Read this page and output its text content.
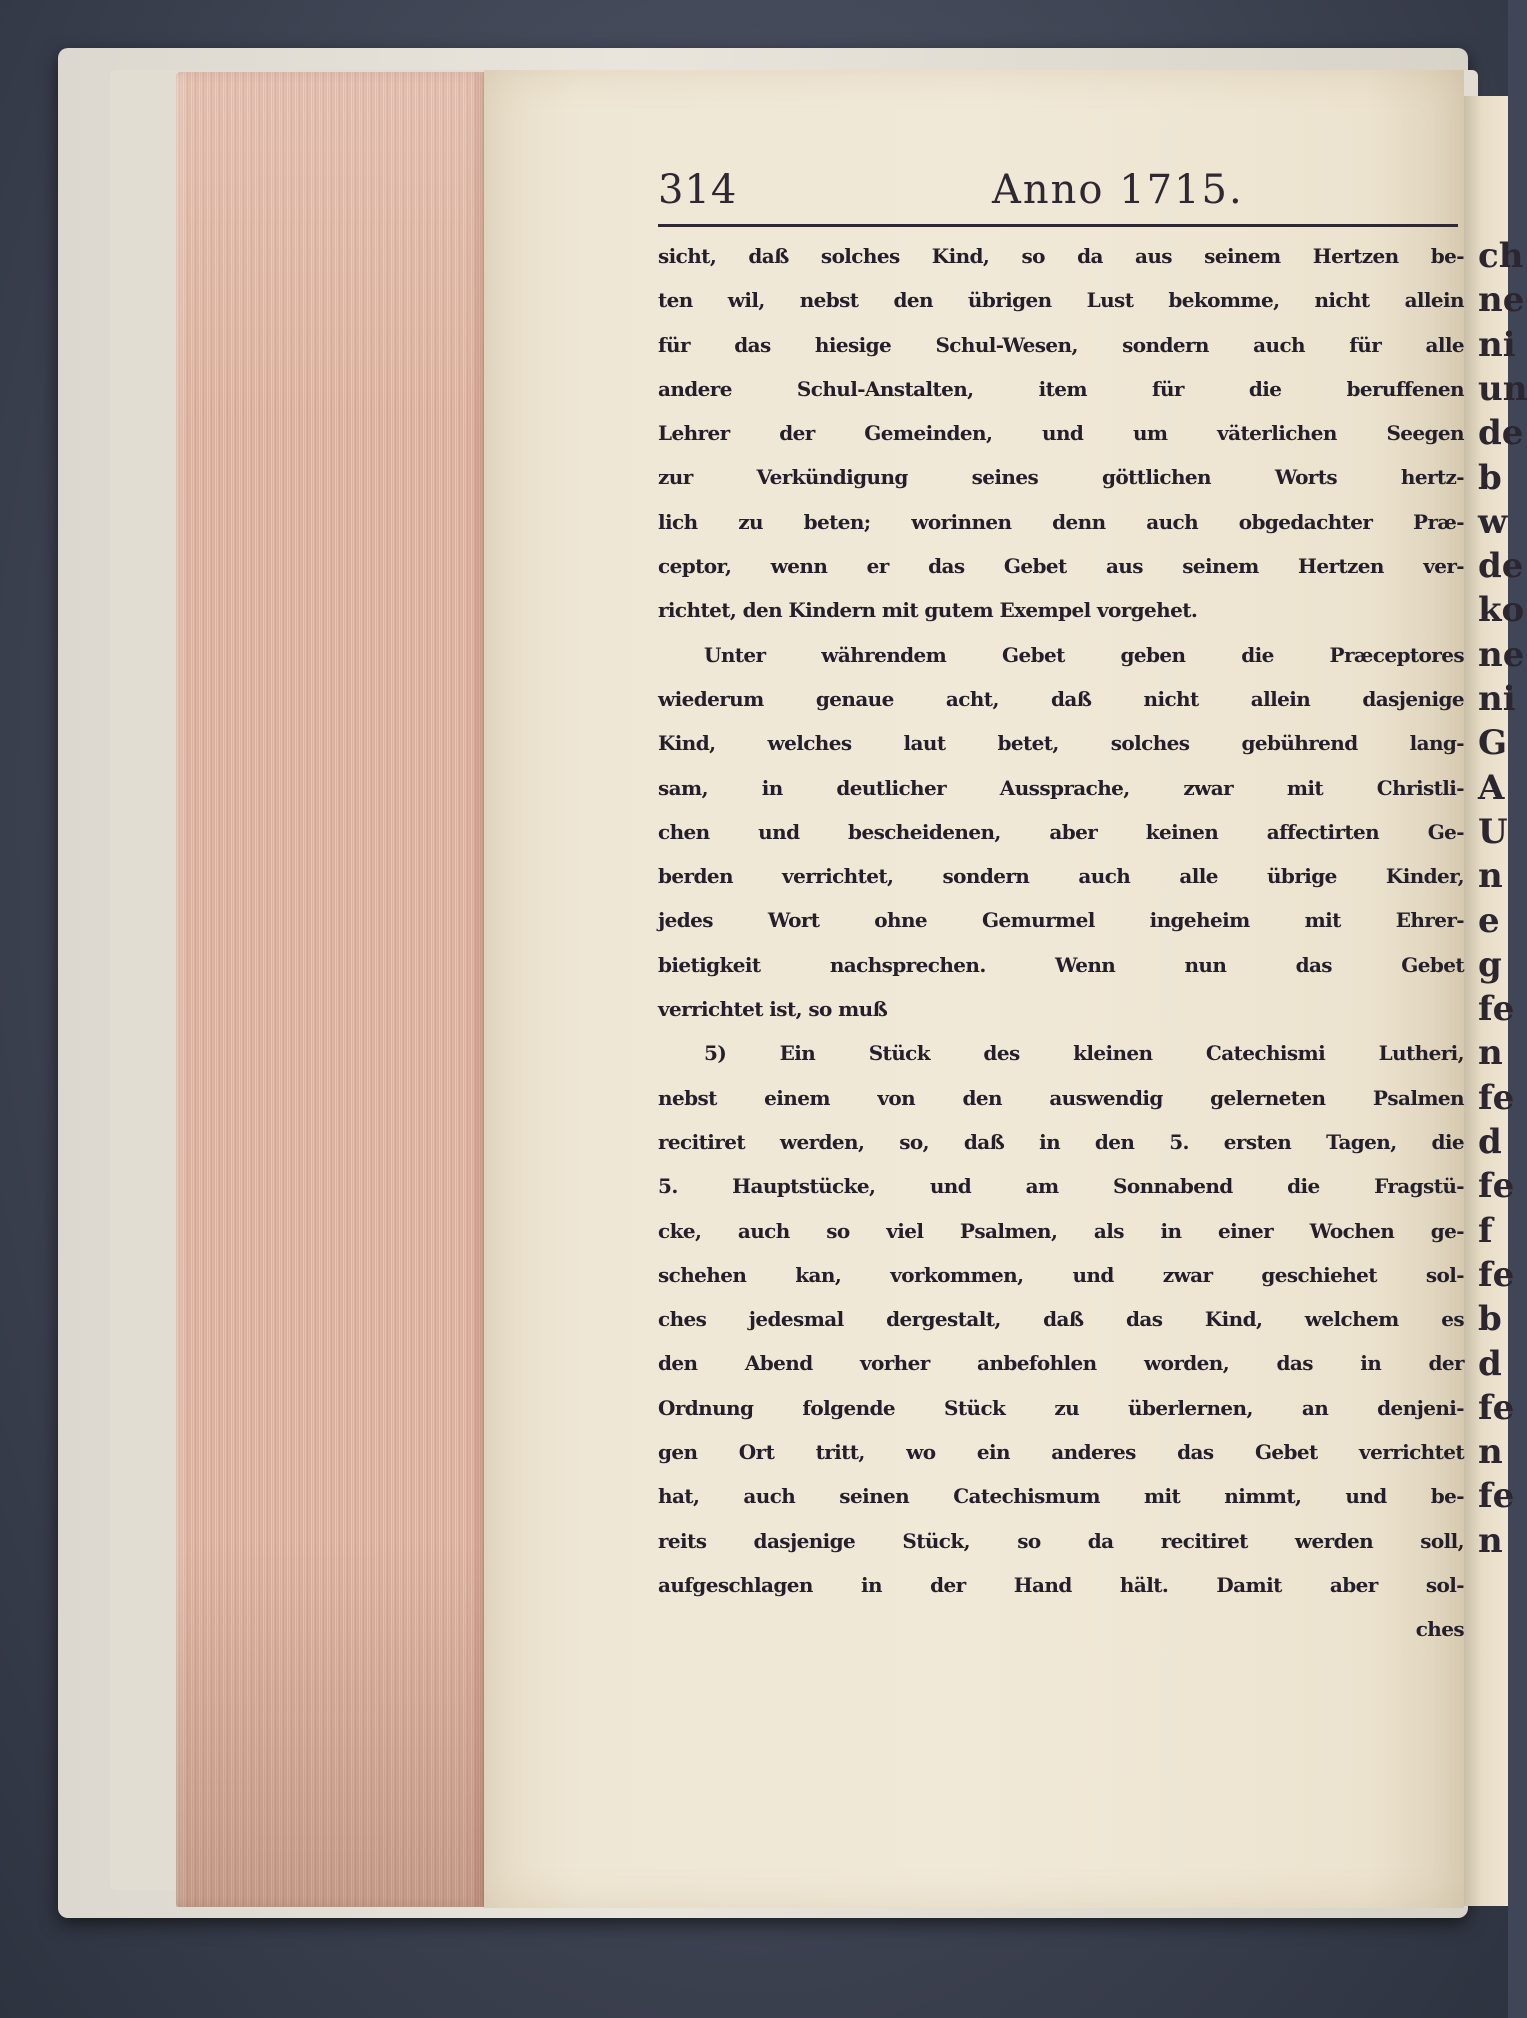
ch
ne
ni
un
de
b
w
de
ko
ne
ni
G
A
U
n
e
g
fe
n
fe
d
fe
f
fe
b
d
fe
n
fe
n
314	Anno 1715.
sicht, daß solches Kind, so da aus seinem Hertzen be-
ten wil, nebst den übrigen Lust bekomme, nicht allein
für das hiesige Schul-Wesen, sondern auch für alle
andere Schul-Anstalten, item für die beruffenen
Lehrer der Gemeinden, und um väterlichen Seegen
zur Verkündigung seines göttlichen Worts hertz-
lich zu beten; worinnen denn auch obgedachter Præ-
ceptor, wenn er das Gebet aus seinem Hertzen ver-
richtet, den Kindern mit gutem Exempel vorgehet.
Unter währendem Gebet geben die Præceptores
wiederum genaue acht, daß nicht allein dasjenige
Kind, welches laut betet, solches gebührend lang-
sam, in deutlicher Aussprache, zwar mit Christli-
chen und bescheidenen, aber keinen affectirten Ge-
berden verrichtet, sondern auch alle übrige Kinder,
jedes Wort ohne Gemurmel ingeheim mit Ehrer-
bietigkeit nachsprechen. Wenn nun das Gebet
verrichtet ist, so muß
5) Ein Stück des kleinen Catechismi Lutheri,
nebst einem von den auswendig gelerneten Psalmen
recitiret werden, so, daß in den 5. ersten Tagen, die
5. Hauptstücke, und am Sonnabend die Fragstü-
cke, auch so viel Psalmen, als in einer Wochen ge-
schehen kan, vorkommen, und zwar geschiehet sol-
ches jedesmal dergestalt, daß das Kind, welchem es
den Abend vorher anbefohlen worden, das in der
Ordnung folgende Stück zu überlernen, an denjeni-
gen Ort tritt, wo ein anderes das Gebet verrichtet
hat, auch seinen Catechismum mit nimmt, und be-
reits dasjenige Stück, so da recitiret werden soll,
aufgeschlagen in der Hand hält. Damit aber sol-
ches
